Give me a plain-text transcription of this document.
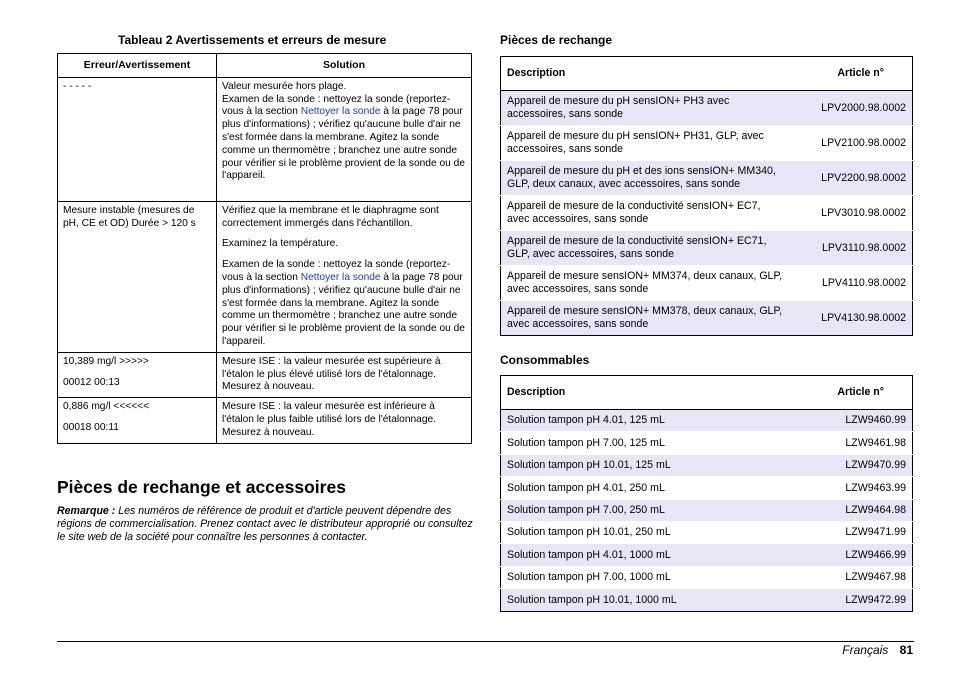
Tableau 2 Avertissements et erreurs de mesure
Erreur/Avertissement	Solution
- - - - -	Valeur mesurée hors plage.

Examen de la sonde : nettoyez la sonde (reportez-vous à la section Nettoyer la sonde à la page 78 pour plus d'informations) ; vérifiez qu'aucune bulle d'air ne s'est formée dans la membrane. Agitez la sonde comme un thermomètre ; branchez une autre sonde pour vérifier si le problème provient de la sonde ou de l'appareil.

Mesure instable (mesures de pH, CE et OD) Durée > 120 s	Vérifiez que la membrane et le diaphragme sont correctement immergés dans l'échantillon.

Examinez la température.

Examen de la sonde : nettoyez la sonde (reportez-vous à la section Nettoyer la sonde à la page 78 pour plus d'informations) ; vérifiez qu'aucune bulle d'air ne s'est formée dans la membrane. Agitez la sonde comme un thermomètre ; branchez une autre sonde pour vérifier si le problème provient de la sonde ou de l'appareil.

10,389 mg/l >>>>>

00012 00:13	Mesure ISE : la valeur mesurée est supérieure à l'étalon le plus élevé utilisé lors de l'étalonnage. Mesurez à nouveau.

0,886 mg/l <<<<<<

00018 00:11	Mesure ISE : la valeur mesurée est inférieure à l'étalon le plus faible utilisé lors de l'étalonnage. Mesurez à nouveau.

Pièces de rechange et accessoires
Remarque : Les numéros de référence de produit et d'article peuvent dépendre des régions de commercialisation. Prenez contact avec le distributeur approprié ou consultez le site web de la société pour connaître les personnes à contacter.
Pièces de rechange
Description	Article n°
Appareil de mesure du pH sensION+ PH3 avec accessoires, sans sonde	LPV2000.98.0002
Appareil de mesure du pH sensION+ PH31, GLP, avec accessoires, sans sonde	LPV2100.98.0002
Appareil de mesure du pH et des ions sensION+ MM340, GLP, deux canaux, avec accessoires, sans sonde	LPV2200.98.0002
Appareil de mesure de la conductivité sensION+ EC7, avec accessoires, sans sonde	LPV3010.98.0002
Appareil de mesure de la conductivité sensION+ EC71, GLP, avec accessoires, sans sonde	LPV3110.98.0002
Appareil de mesure sensION+ MM374, deux canaux, GLP, avec accessoires, sans sonde	LPV4110.98.0002
Appareil de mesure sensION+ MM378, deux canaux, GLP, avec accessoires, sans sonde	LPV4130.98.0002
Consommables
Description	Article n°
Solution tampon pH 4.01, 125 mL	LZW9460.99
Solution tampon pH 7.00, 125 mL	LZW9461.98
Solution tampon pH 10.01, 125 mL	LZW9470.99
Solution tampon pH 4.01, 250 mL	LZW9463.99
Solution tampon pH 7.00, 250 mL	LZW9464.98
Solution tampon pH 10.01, 250 mL	LZW9471.99
Solution tampon pH 4.01, 1000 mL	LZW9466.99
Solution tampon pH 7.00, 1000 mL	LZW9467.98
Solution tampon pH 10.01, 1000 mL	LZW9472.99
Français 81
